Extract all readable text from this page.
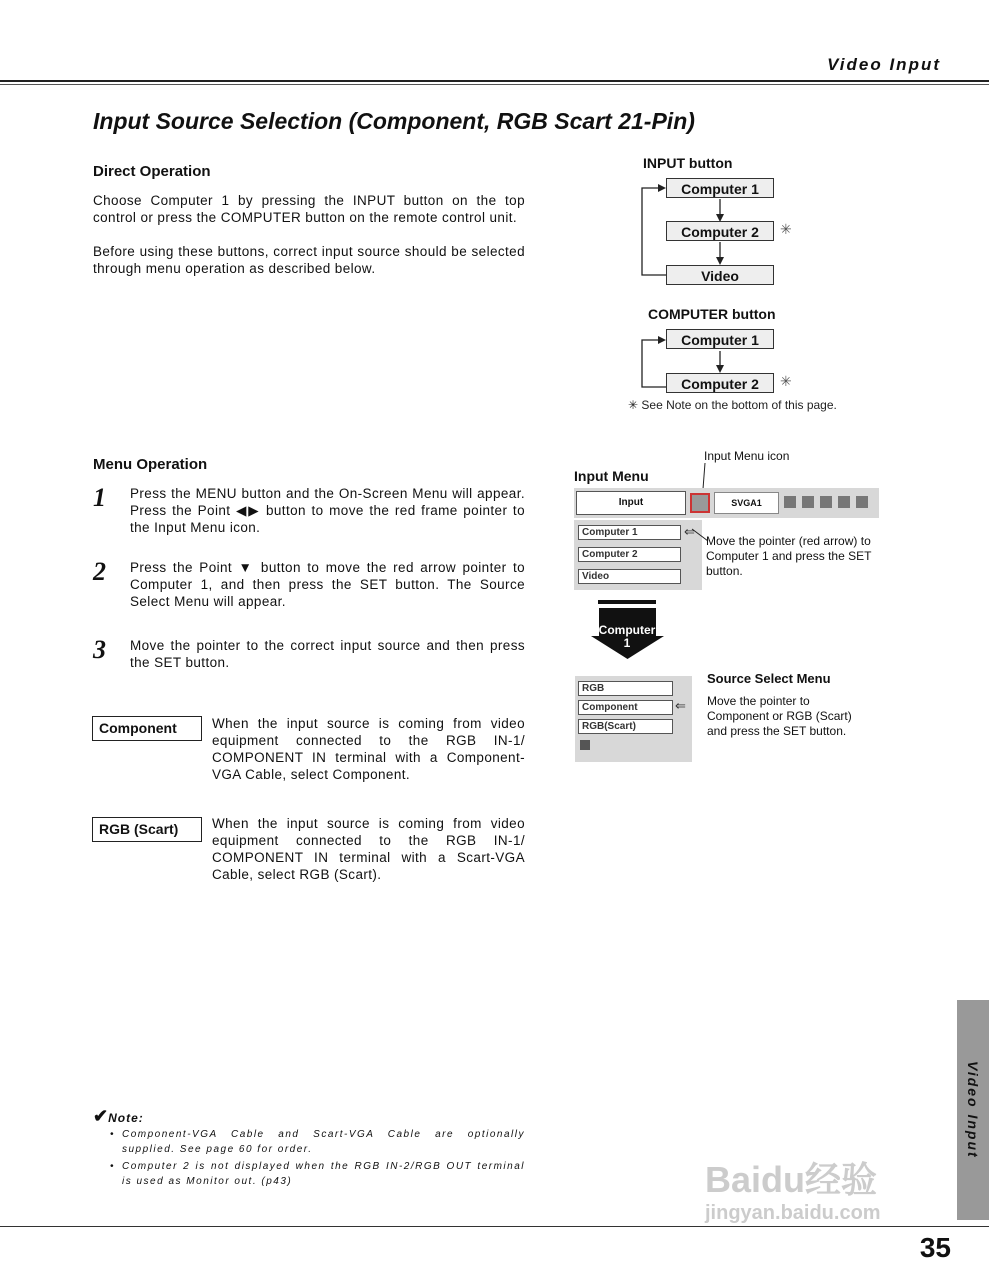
Video Input
Input Source Selection (Component, RGB Scart 21-Pin)
Direct Operation
Choose Computer 1 by pressing the INPUT button on the top control or press the COMPUTER button on the remote control unit.
Before using these buttons, correct input source should be selected through menu operation as described below.
INPUT button
Computer 1
Computer 2	✳
Video
COMPUTER button
Computer 1
Computer 2	✳
✳ See Note on the bottom of this page.
Menu Operation
1 Press the MENU button and the On-Screen Menu will appear. Press the Point ◀▶ button to move the red frame pointer to the Input Menu icon.
2 Press the Point ▼ button to move the red arrow pointer to Computer 1, and then press the SET button. The Source Select Menu will appear.
3 Move the pointer to the correct input source and then press the SET button.
Component	When the input source is coming from video equipment connected to the RGB IN-1/ COMPONENT IN terminal with a Component-VGA Cable, select Component.
RGB (Scart)	When the input source is coming from video equipment connected to the RGB IN-1/ COMPONENT IN terminal with a Scart-VGA Cable, select RGB (Scart).
Input Menu icon
Input Menu
Input	SVGA1
Computer 1
Computer 2
Video
⇐
Move the pointer (red arrow) to Computer 1 and press the SET button.
Computer 1
RGB
Component
RGB(Scart)
⇐
Source Select Menu
Move the pointer to Component or RGB (Scart) and press the SET button.
✔Note:
• Component-VGA Cable and Scart-VGA Cable are optionally supplied. See page 60 for order.
• Computer 2 is not displayed when the RGB IN-2/RGB OUT terminal is used as Monitor out. (p43)	Baidu经验
jingyan.baidu.com
Video Input
35
